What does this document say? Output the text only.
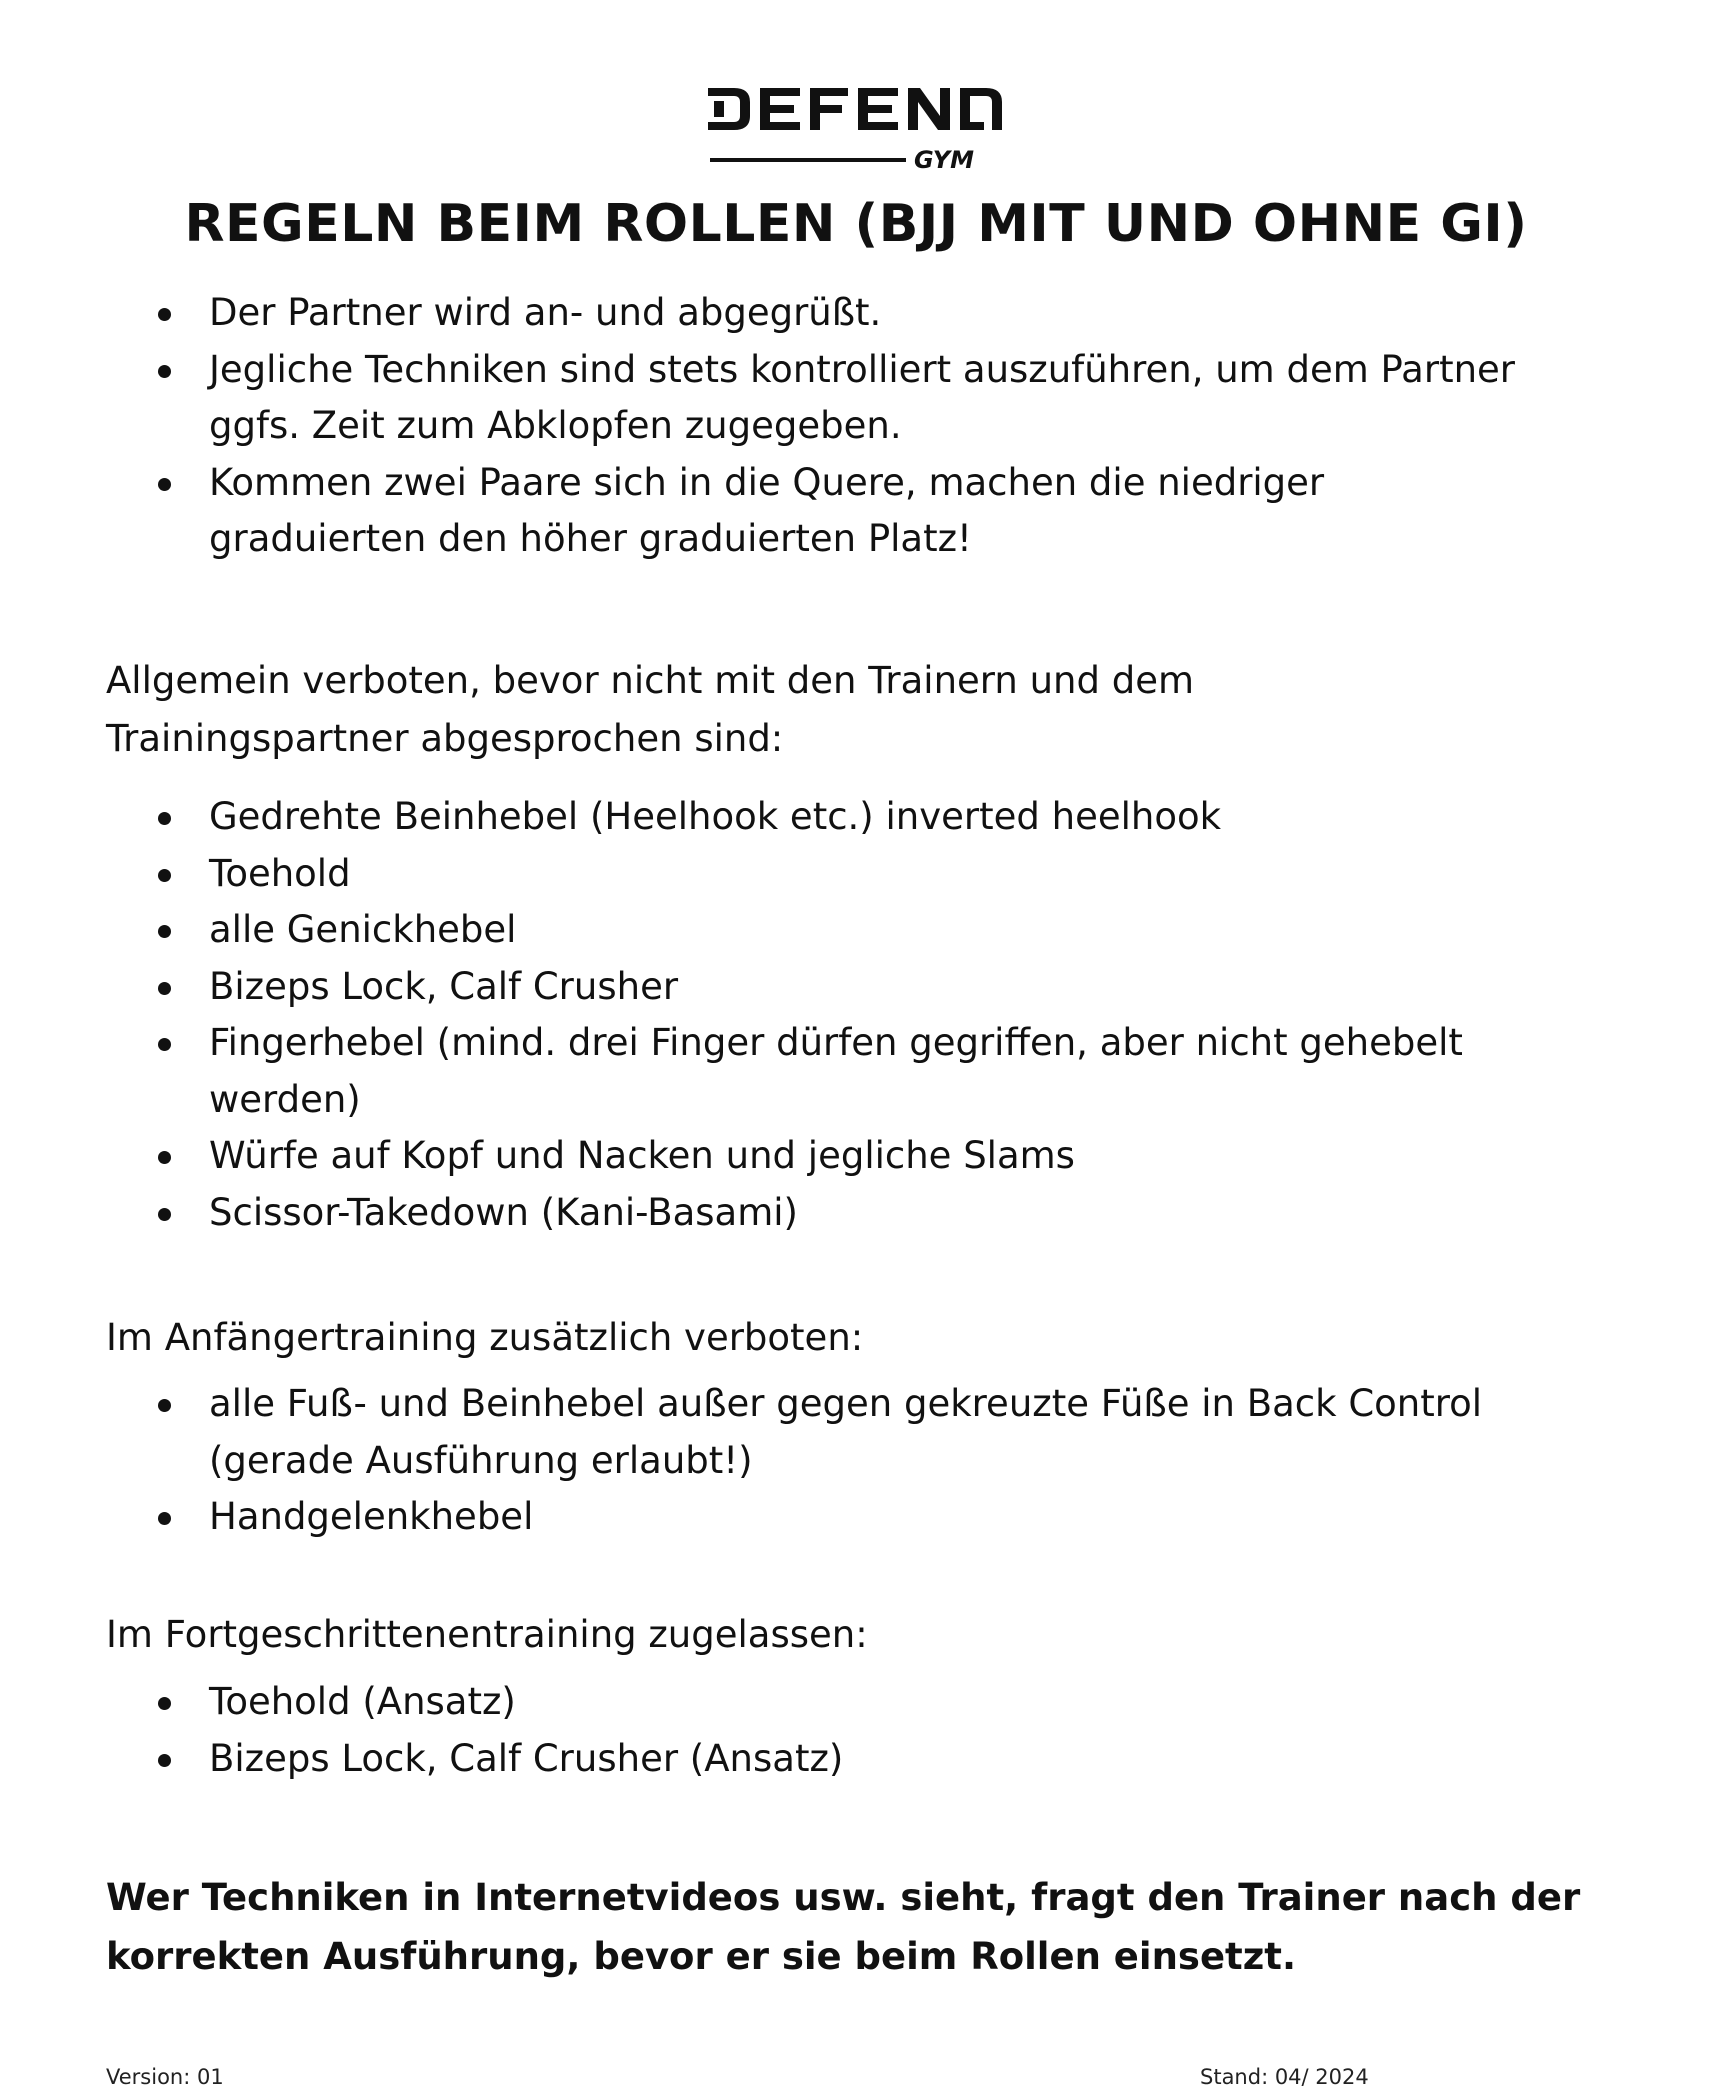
GYM
REGELN BEIM ROLLEN (BJJ MIT UND OHNE GI)
Der Partner wird an- und abgegrüßt.
Jegliche Techniken sind stets kontrolliert auszuführen, um dem Partner ggfs. Zeit zum Abklopfen zugegeben.
Kommen zwei Paare sich in die Quere, machen die niedriger graduierten den höher graduierten Platz!
Allgemein verboten, bevor nicht mit den Trainern und dem Trainingspartner abgesprochen sind:
Gedrehte Beinhebel (Heelhook etc.) inverted heelhook
Toehold
alle Genickhebel
Bizeps Lock, Calf Crusher
Fingerhebel (mind. drei Finger dürfen gegriffen, aber nicht gehebelt werden)
Würfe auf Kopf und Nacken und jegliche Slams
Scissor-Takedown (Kani-Basami)
Im Anfängertraining zusätzlich verboten:
alle Fuß- und Beinhebel außer gegen gekreuzte Füße in Back Control (gerade Ausführung erlaubt!)
Handgelenkhebel
Im Fortgeschrittenentraining zugelassen:
Toehold (Ansatz)
Bizeps Lock, Calf Crusher (Ansatz)
Wer Techniken in Internetvideos usw. sieht, fragt den Trainer nach der korrekten Ausführung, bevor er sie beim Rollen einsetzt.
Version: 01	Stand: 04/ 2024
